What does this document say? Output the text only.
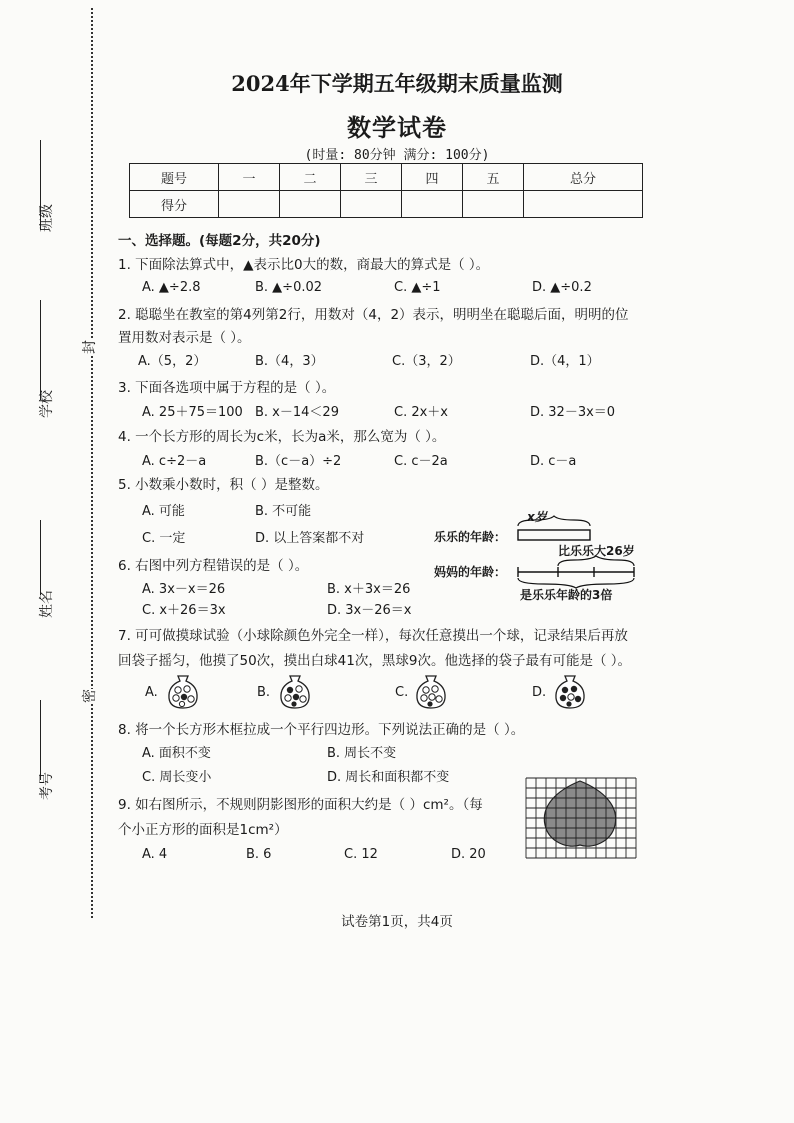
班级
学校
姓名
考号
封
密
2024年下学期五年级期末质量监测
数学试卷
(时量: 80分钟 满分: 100分)
题号	一	二	三	四	五	总分
得分						
一、选择题。(每题2分，共20分)
1. 下面除法算式中，▲表示比0大的数，商最大的算式是（ ）。
A. ▲÷2.8	B. ▲÷0.02	C. ▲÷1	D. ▲÷0.2
2. 聪聪坐在教室的第4列第2行，用数对（4，2）表示，明明坐在聪聪后面，明明的位
置用数对表示是（ ）。
A.（5，2）	B.（4，3）	C.（3，2）	D.（4，1）
3. 下面各选项中属于方程的是（ ）。
A. 25＋75＝100 B. x－14＜29	C. 2x＋x	D. 32－3x＝0
4. 一个长方形的周长为c米，长为a米，那么宽为（ ）。
A. c÷2－a	B.（c－a）÷2	C. c－2a	D. c－a
5. 小数乘小数时，积（ ）是整数。
A. 可能	B. 不可能
C. 一定	D. 以上答案都不对
6. 右图中列方程错误的是（ ）。
A. 3x－x＝26	B. x＋3x＝26
C. x＋26＝3x	D. 3x－26＝x
x岁
乐乐的年龄：
妈妈的年龄：
比乐乐大26岁
是乐乐年龄的3倍
7. 可可做摸球试验（小球除颜色外完全一样），每次任意摸出一个球，记录结果后再放
回袋子摇匀，他摸了50次，摸出白球41次，黑球9次。他选择的袋子最有可能是（ ）。
A.	B.	C.	D.
8. 将一个长方形木框拉成一个平行四边形。下列说法正确的是（ ）。
A. 面积不变	B. 周长不变
C. 周长变小	D. 周长和面积都不变
9. 如右图所示，不规则阴影图形的面积大约是（ ）cm²。（每
个小正方形的面积是1cm²）
A. 4	B. 6	C. 12	D. 20
试卷第1页，共4页
